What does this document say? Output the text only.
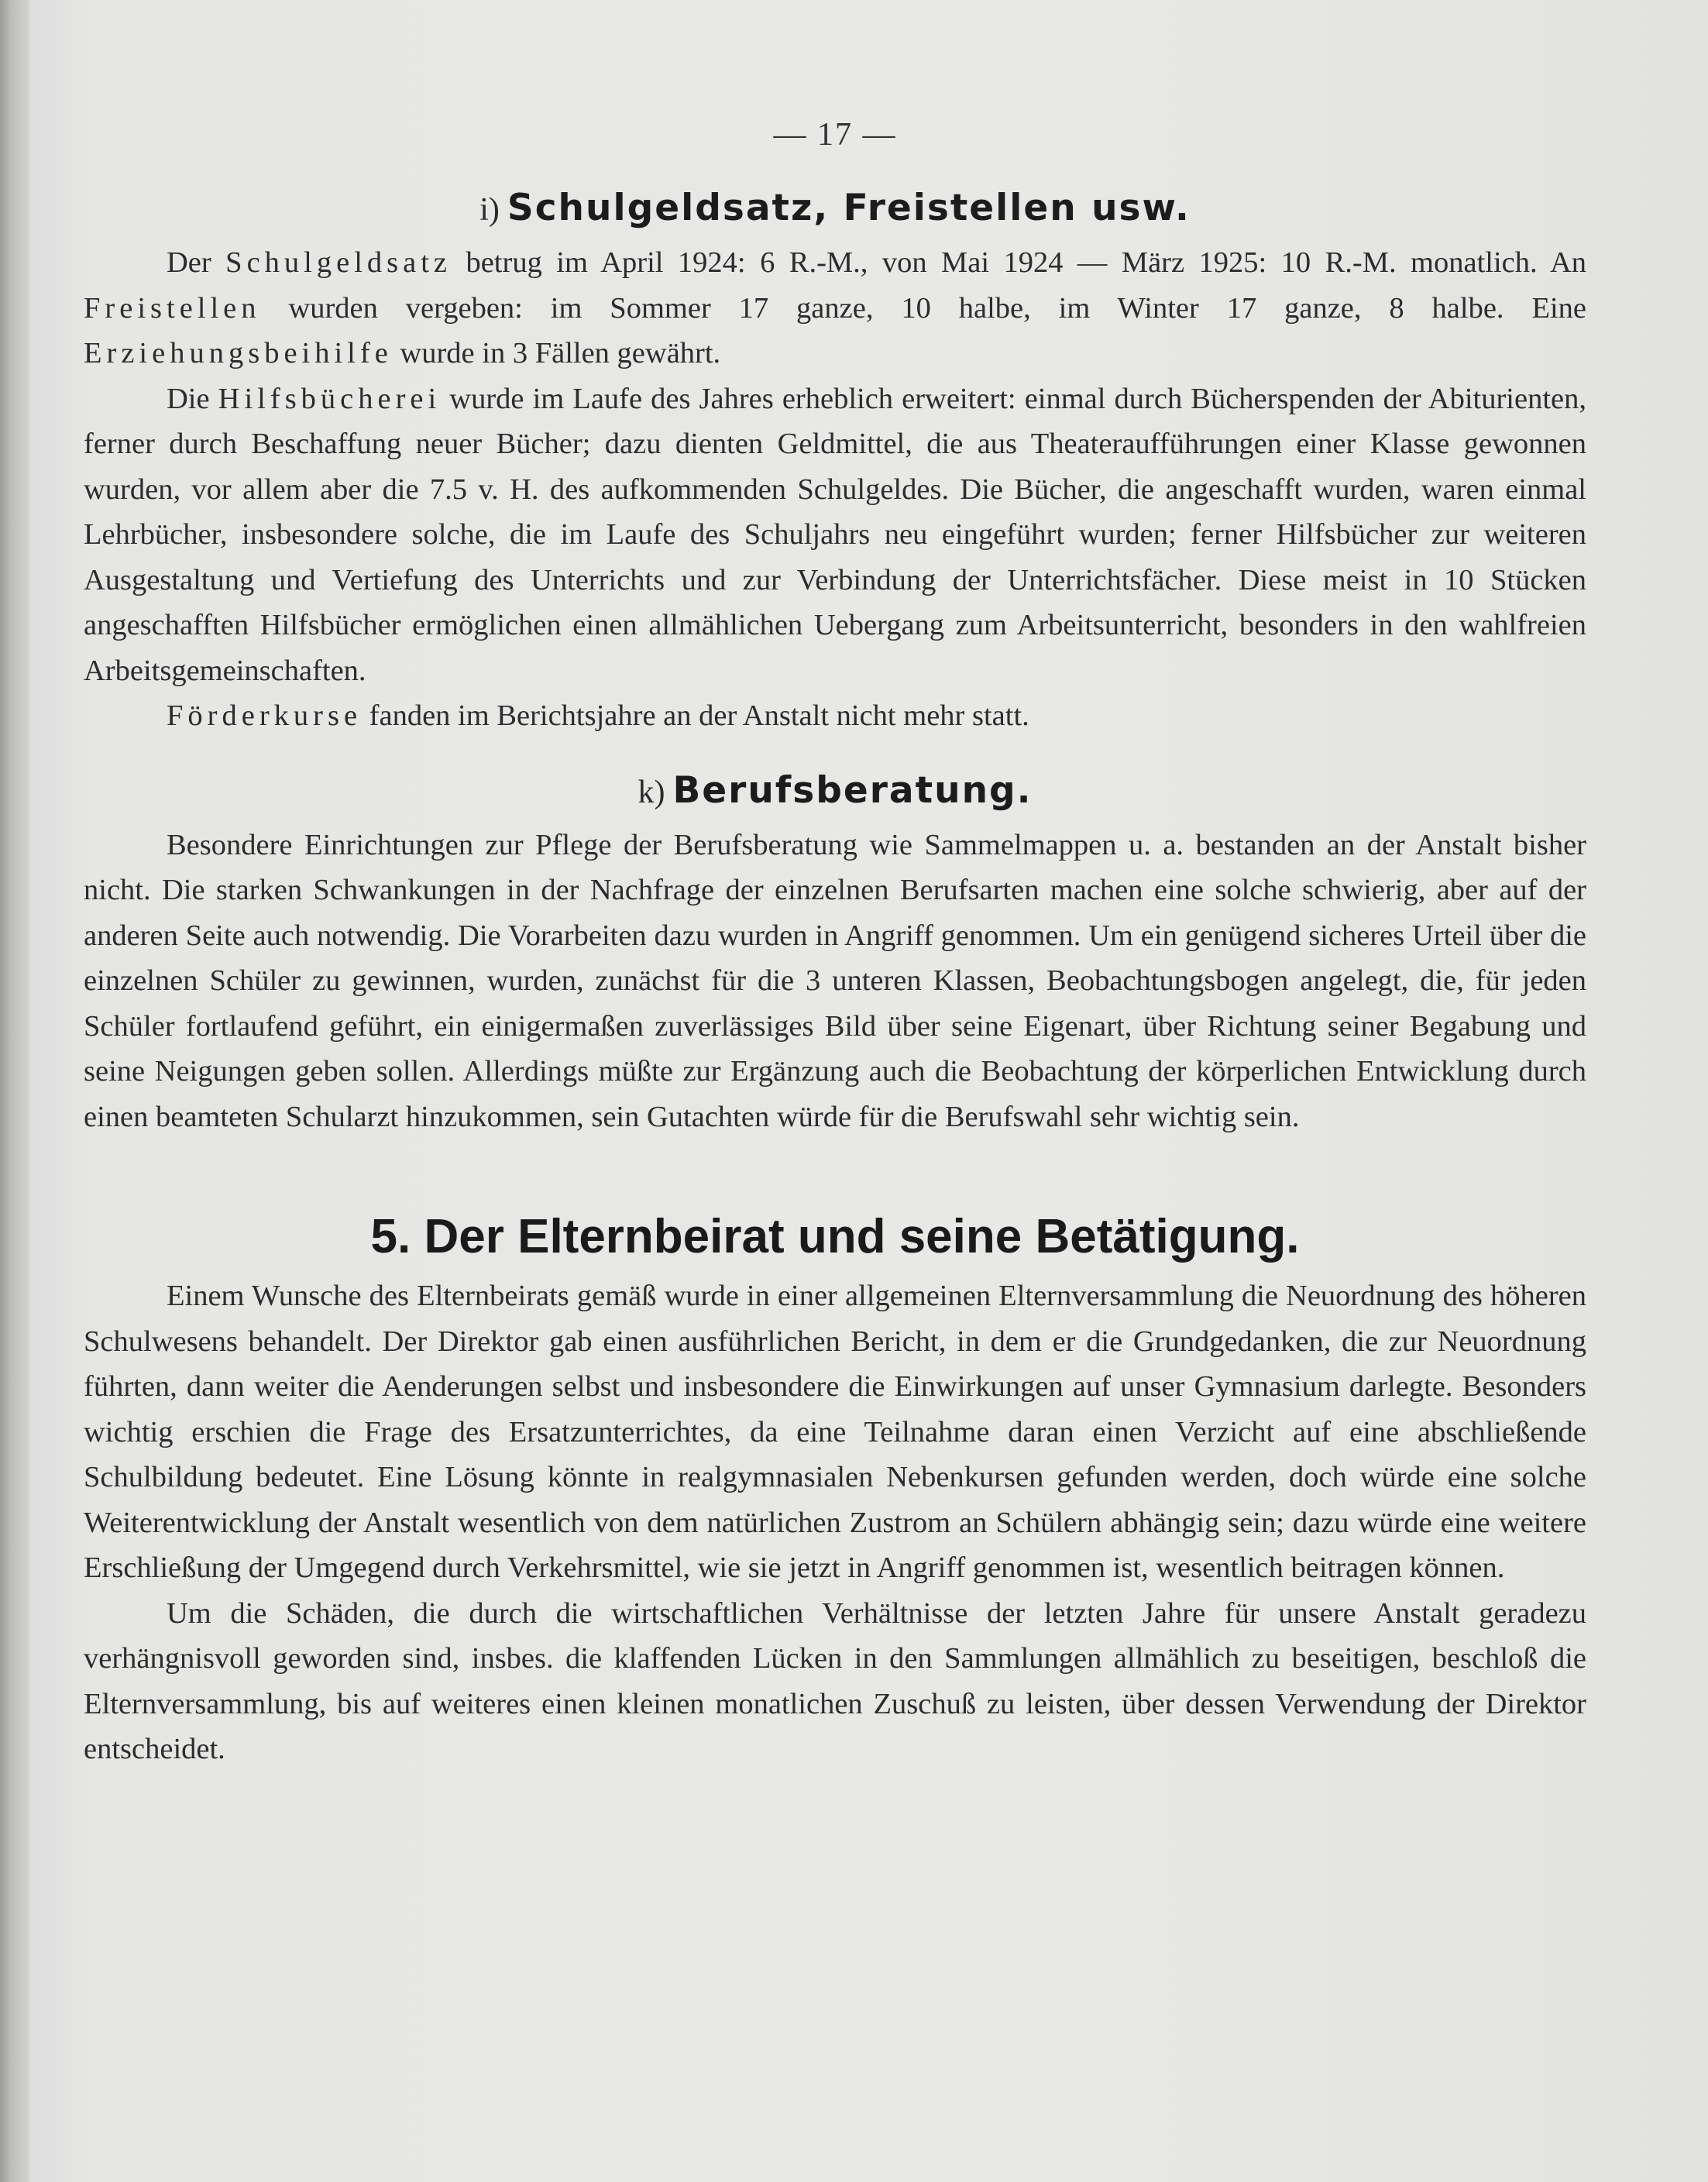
— 17 —
i) Schulgeldsatz, Freistellen usw.

Der Schulgeldsatz betrug im April 1924: 6 R.-M., von Mai 1924 — März 1925: 10 R.-M. monatlich. An Freistellen wurden vergeben: im Sommer 17 ganze, 10 halbe, im Winter 17 ganze, 8 halbe. Eine Erziehungsbeihilfe wurde in 3 Fällen gewährt.

Die Hilfsbücherei wurde im Laufe des Jahres erheblich erweitert: einmal durch Bücherspenden der Abiturienten, ferner durch Beschaffung neuer Bücher; dazu dienten Geldmittel, die aus Theateraufführungen einer Klasse gewonnen wurden, vor allem aber die 7.5 v. H. des aufkommenden Schulgeldes. Die Bücher, die angeschafft wurden, waren einmal Lehrbücher, insbesondere solche, die im Laufe des Schuljahrs neu eingeführt wurden; ferner Hilfsbücher zur weiteren Ausgestaltung und Vertiefung des Unterrichts und zur Verbindung der Unterrichtsfächer. Diese meist in 10 Stücken angeschafften Hilfsbücher ermöglichen einen allmählichen Uebergang zum Arbeitsunterricht, besonders in den wahlfreien Arbeitsgemeinschaften.

Förderkurse fanden im Berichtsjahre an der Anstalt nicht mehr statt.

k) Berufsberatung.

Besondere Einrichtungen zur Pflege der Berufsberatung wie Sammelmappen u. a. bestanden an der Anstalt bisher nicht. Die starken Schwankungen in der Nachfrage der einzelnen Berufsarten machen eine solche schwierig, aber auf der anderen Seite auch notwendig. Die Vorarbeiten dazu wurden in Angriff genommen. Um ein genügend sicheres Urteil über die einzelnen Schüler zu gewinnen, wurden, zunächst für die 3 unteren Klassen, Beobachtungsbogen angelegt, die, für jeden Schüler fortlaufend geführt, ein einigermaßen zuverlässiges Bild über seine Eigenart, über Richtung seiner Begabung und seine Neigungen geben sollen. Allerdings müßte zur Ergänzung auch die Beobachtung der körperlichen Entwicklung durch einen beamteten Schularzt hinzukommen, sein Gutachten würde für die Berufswahl sehr wichtig sein.

5. Der Elternbeirat und seine Betätigung.

Einem Wunsche des Elternbeirats gemäß wurde in einer allgemeinen Elternversammlung die Neuordnung des höheren Schulwesens behandelt. Der Direktor gab einen ausführlichen Bericht, in dem er die Grundgedanken, die zur Neuordnung führten, dann weiter die Aenderungen selbst und insbesondere die Einwirkungen auf unser Gymnasium darlegte. Besonders wichtig erschien die Frage des Ersatzunterrichtes, da eine Teilnahme daran einen Verzicht auf eine abschließende Schulbildung bedeutet. Eine Lösung könnte in realgymnasialen Nebenkursen gefunden werden, doch würde eine solche Weiterentwicklung der Anstalt wesentlich von dem natürlichen Zustrom an Schülern abhängig sein; dazu würde eine weitere Erschließung der Umgegend durch Verkehrsmittel, wie sie jetzt in Angriff genommen ist, wesentlich beitragen können.

Um die Schäden, die durch die wirtschaftlichen Verhältnisse der letzten Jahre für unsere Anstalt geradezu verhängnisvoll geworden sind, insbes. die klaffenden Lücken in den Sammlungen allmählich zu beseitigen, beschloß die Elternversammlung, bis auf weiteres einen kleinen monatlichen Zuschuß zu leisten, über dessen Verwendung der Direktor entscheidet.
